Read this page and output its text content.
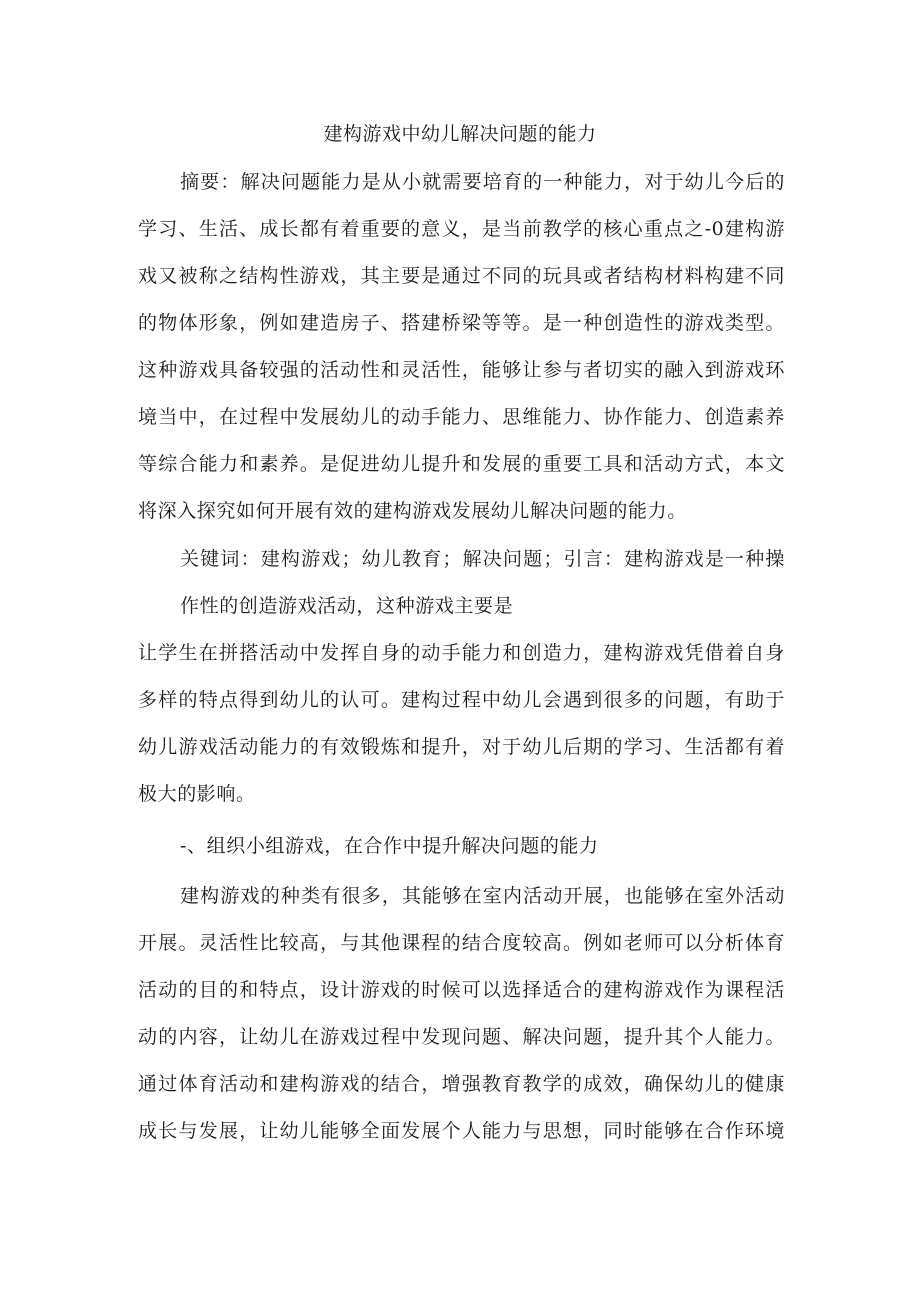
建构游戏中幼儿解决问题的能力
摘要：解决问题能力是从小就需要培育的一种能力，对于幼儿今后的
学习、生活、成长都有着重要的意义，是当前教学的核心重点之-0建构游
戏又被称之结构性游戏，其主要是通过不同的玩具或者结构材料构建不同
的物体形象，例如建造房子、搭建桥梁等等。是一种创造性的游戏类型。
这种游戏具备较强的活动性和灵活性，能够让参与者切实的融入到游戏环
境当中，在过程中发展幼儿的动手能力、思维能力、协作能力、创造素养
等综合能力和素养。是促进幼儿提升和发展的重要工具和活动方式，本文
将深入探究如何开展有效的建构游戏发展幼儿解决问题的能力。
关键词：建构游戏；幼儿教育；解决问题；引言：建构游戏是一种操
作性的创造游戏活动，这种游戏主要是
让学生在拼搭活动中发挥自身的动手能力和创造力，建构游戏凭借着自身
多样的特点得到幼儿的认可。建构过程中幼儿会遇到很多的问题，有助于
幼儿游戏活动能力的有效锻炼和提升，对于幼儿后期的学习、生活都有着
极大的影响。
-、组织小组游戏，在合作中提升解决问题的能力
建构游戏的种类有很多，其能够在室内活动开展，也能够在室外活动
开展。灵活性比较高，与其他课程的结合度较高。例如老师可以分析体育
活动的目的和特点，设计游戏的时候可以选择适合的建构游戏作为课程活
动的内容，让幼儿在游戏过程中发现问题、解决问题，提升其个人能力。
通过体育活动和建构游戏的结合，增强教育教学的成效，确保幼儿的健康
成长与发展，让幼儿能够全面发展个人能力与思想，同时能够在合作环境
